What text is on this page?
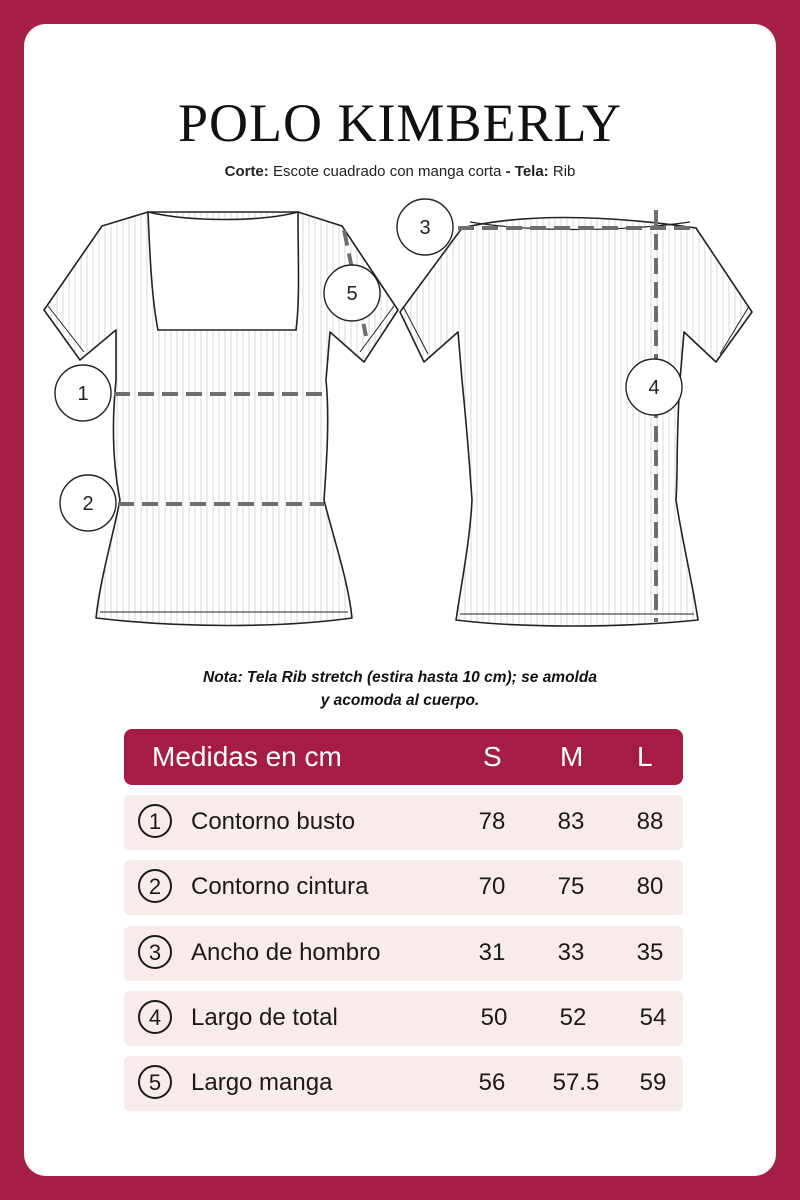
POLO KIMBERLY
Corte: Escote cuadrado con manga corta - Tela: Rib
1
2
3
4
5
Nota: Tela Rib stretch (estira hasta 10 cm); se amolda
y acomoda al cuerpo.
Medidas en cm	S M L
1	Contorno busto	78	83	88
2	Contorno cintura	70	75	80
3	Ancho de hombro	31	33	35
4	Largo de total	50	52	54
5	Largo manga	56	57.5	59
